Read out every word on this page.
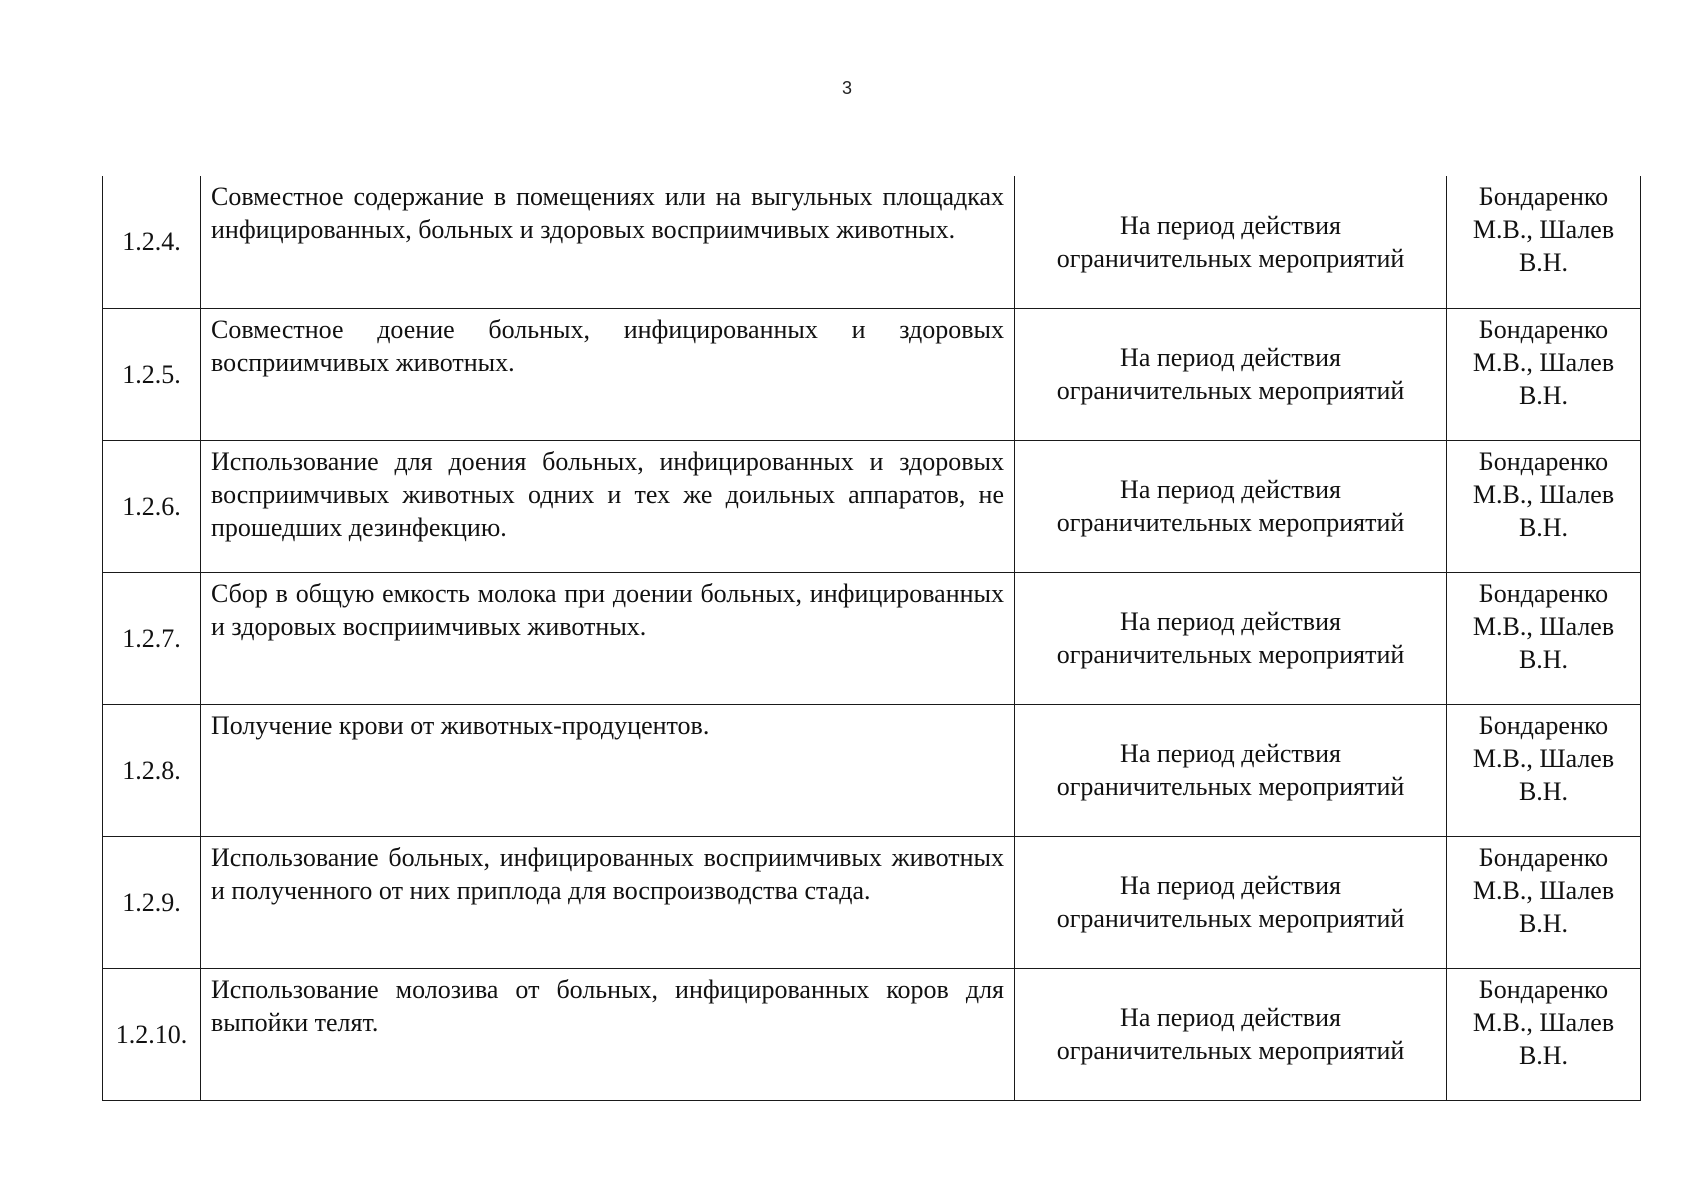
3
1.2.4.	Совместное содержание в помещениях или на выгульных площадках инфицированных, больных и здоровых восприимчивых животных.	На период действия
ограничительных мероприятий	Бондаренко
М.В., Шалев
В.Н.

1.2.5.	Совместное доение больных, инфицированных и здоровых восприимчивых животных.	На период действия
ограничительных мероприятий	Бондаренко
М.В., Шалев
В.Н.

1.2.6.	Использование для доения больных, инфицированных и здоровых восприимчивых животных одних и тех же доильных аппаратов, не прошедших дезинфекцию.	На период действия
ограничительных мероприятий	Бондаренко
М.В., Шалев
В.Н.

1.2.7.	Сбор в общую емкость молока при доении больных, инфицированных и здоровых восприимчивых животных.	На период действия
ограничительных мероприятий	Бондаренко
М.В., Шалев
В.Н.

1.2.8.	Получение крови от животных-продуцентов.	На период действия
ограничительных мероприятий	Бондаренко
М.В., Шалев
В.Н.

1.2.9.	Использование больных, инфицированных восприимчивых животных и полученного от них приплода для воспроизводства стада.	На период действия
ограничительных мероприятий	Бондаренко
М.В., Шалев
В.Н.

1.2.10.	Использование молозива от больных, инфицированных коров для выпойки телят.	На период действия
ограничительных мероприятий	Бондаренко
М.В., Шалев
В.Н.
